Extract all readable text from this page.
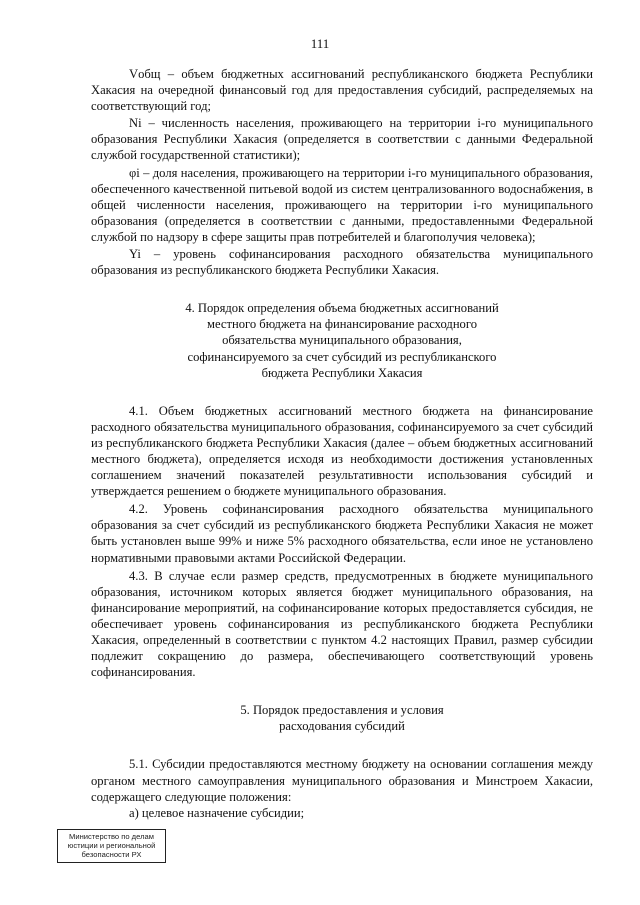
111

Vобщ – объем бюджетных ассигнований республиканского бюджета Республики Хакасия на очередной финансовый год для предоставления субсидий, распределяемых на соответствующий год;

Ni – численность населения, проживающего на территории i-го муниципального образования Республики Хакасия (определяется в соответствии с данными Федеральной службой государственной статистики);

φi – доля населения, проживающего на территории i-го муниципального образования, обеспеченного качественной питьевой водой из систем централизованного водоснабжения, в общей численности населения, проживающего на территории i-го муниципального образования (определяется в соответствии с данными, предоставленными Федеральной службой по надзору в сфере защиты прав потребителей и благополучия человека);

Yi – уровень софинансирования расходного обязательства муниципального образования из республиканского бюджета Республики Хакасия.

4. Порядок определения объема бюджетных ассигнований
местного бюджета на финансирование расходного
обязательства муниципального образования,
софинансируемого за счет субсидий из республиканского
бюджета Республики Хакасия

4.1. Объем бюджетных ассигнований местного бюджета на финансирование расходного обязательства муниципального образования, софинансируемого за счет субсидий из республиканского бюджета Республики Хакасия (далее – объем бюджетных ассигнований местного бюджета), определяется исходя из необходимости достижения установленных соглашением значений показателей результативности использования субсидий и утверждается решением о бюджете муниципального образования.

4.2. Уровень софинансирования расходного обязательства муниципального образования за счет субсидий из республиканского бюджета Республики Хакасия не может быть установлен выше 99% и ниже 5% расходного обязательства, если иное не установлено нормативными правовыми актами Российской Федерации.

4.3. В случае если размер средств, предусмотренных в бюджете муниципального образования, источником которых является бюджет муниципального образования, на финансирование мероприятий, на софинансирование которых предоставляется субсидия, не обеспечивает уровень софинансирования из республиканского бюджета Республики Хакасия, определенный в соответствии с пунктом 4.2 настоящих Правил, размер субсидии подлежит сокращению до размера, обеспечивающего соответствующий уровень софинансирования.

5. Порядок предоставления и условия
расходования субсидий

5.1. Субсидии предоставляются местному бюджету на основании соглашения между органом местного самоуправления муниципального образования и Минстроем Хакасии, содержащего следующие положения:

а) целевое назначение субсидии;

Министерство по делам
юстиции и региональной
безопасности РХ
